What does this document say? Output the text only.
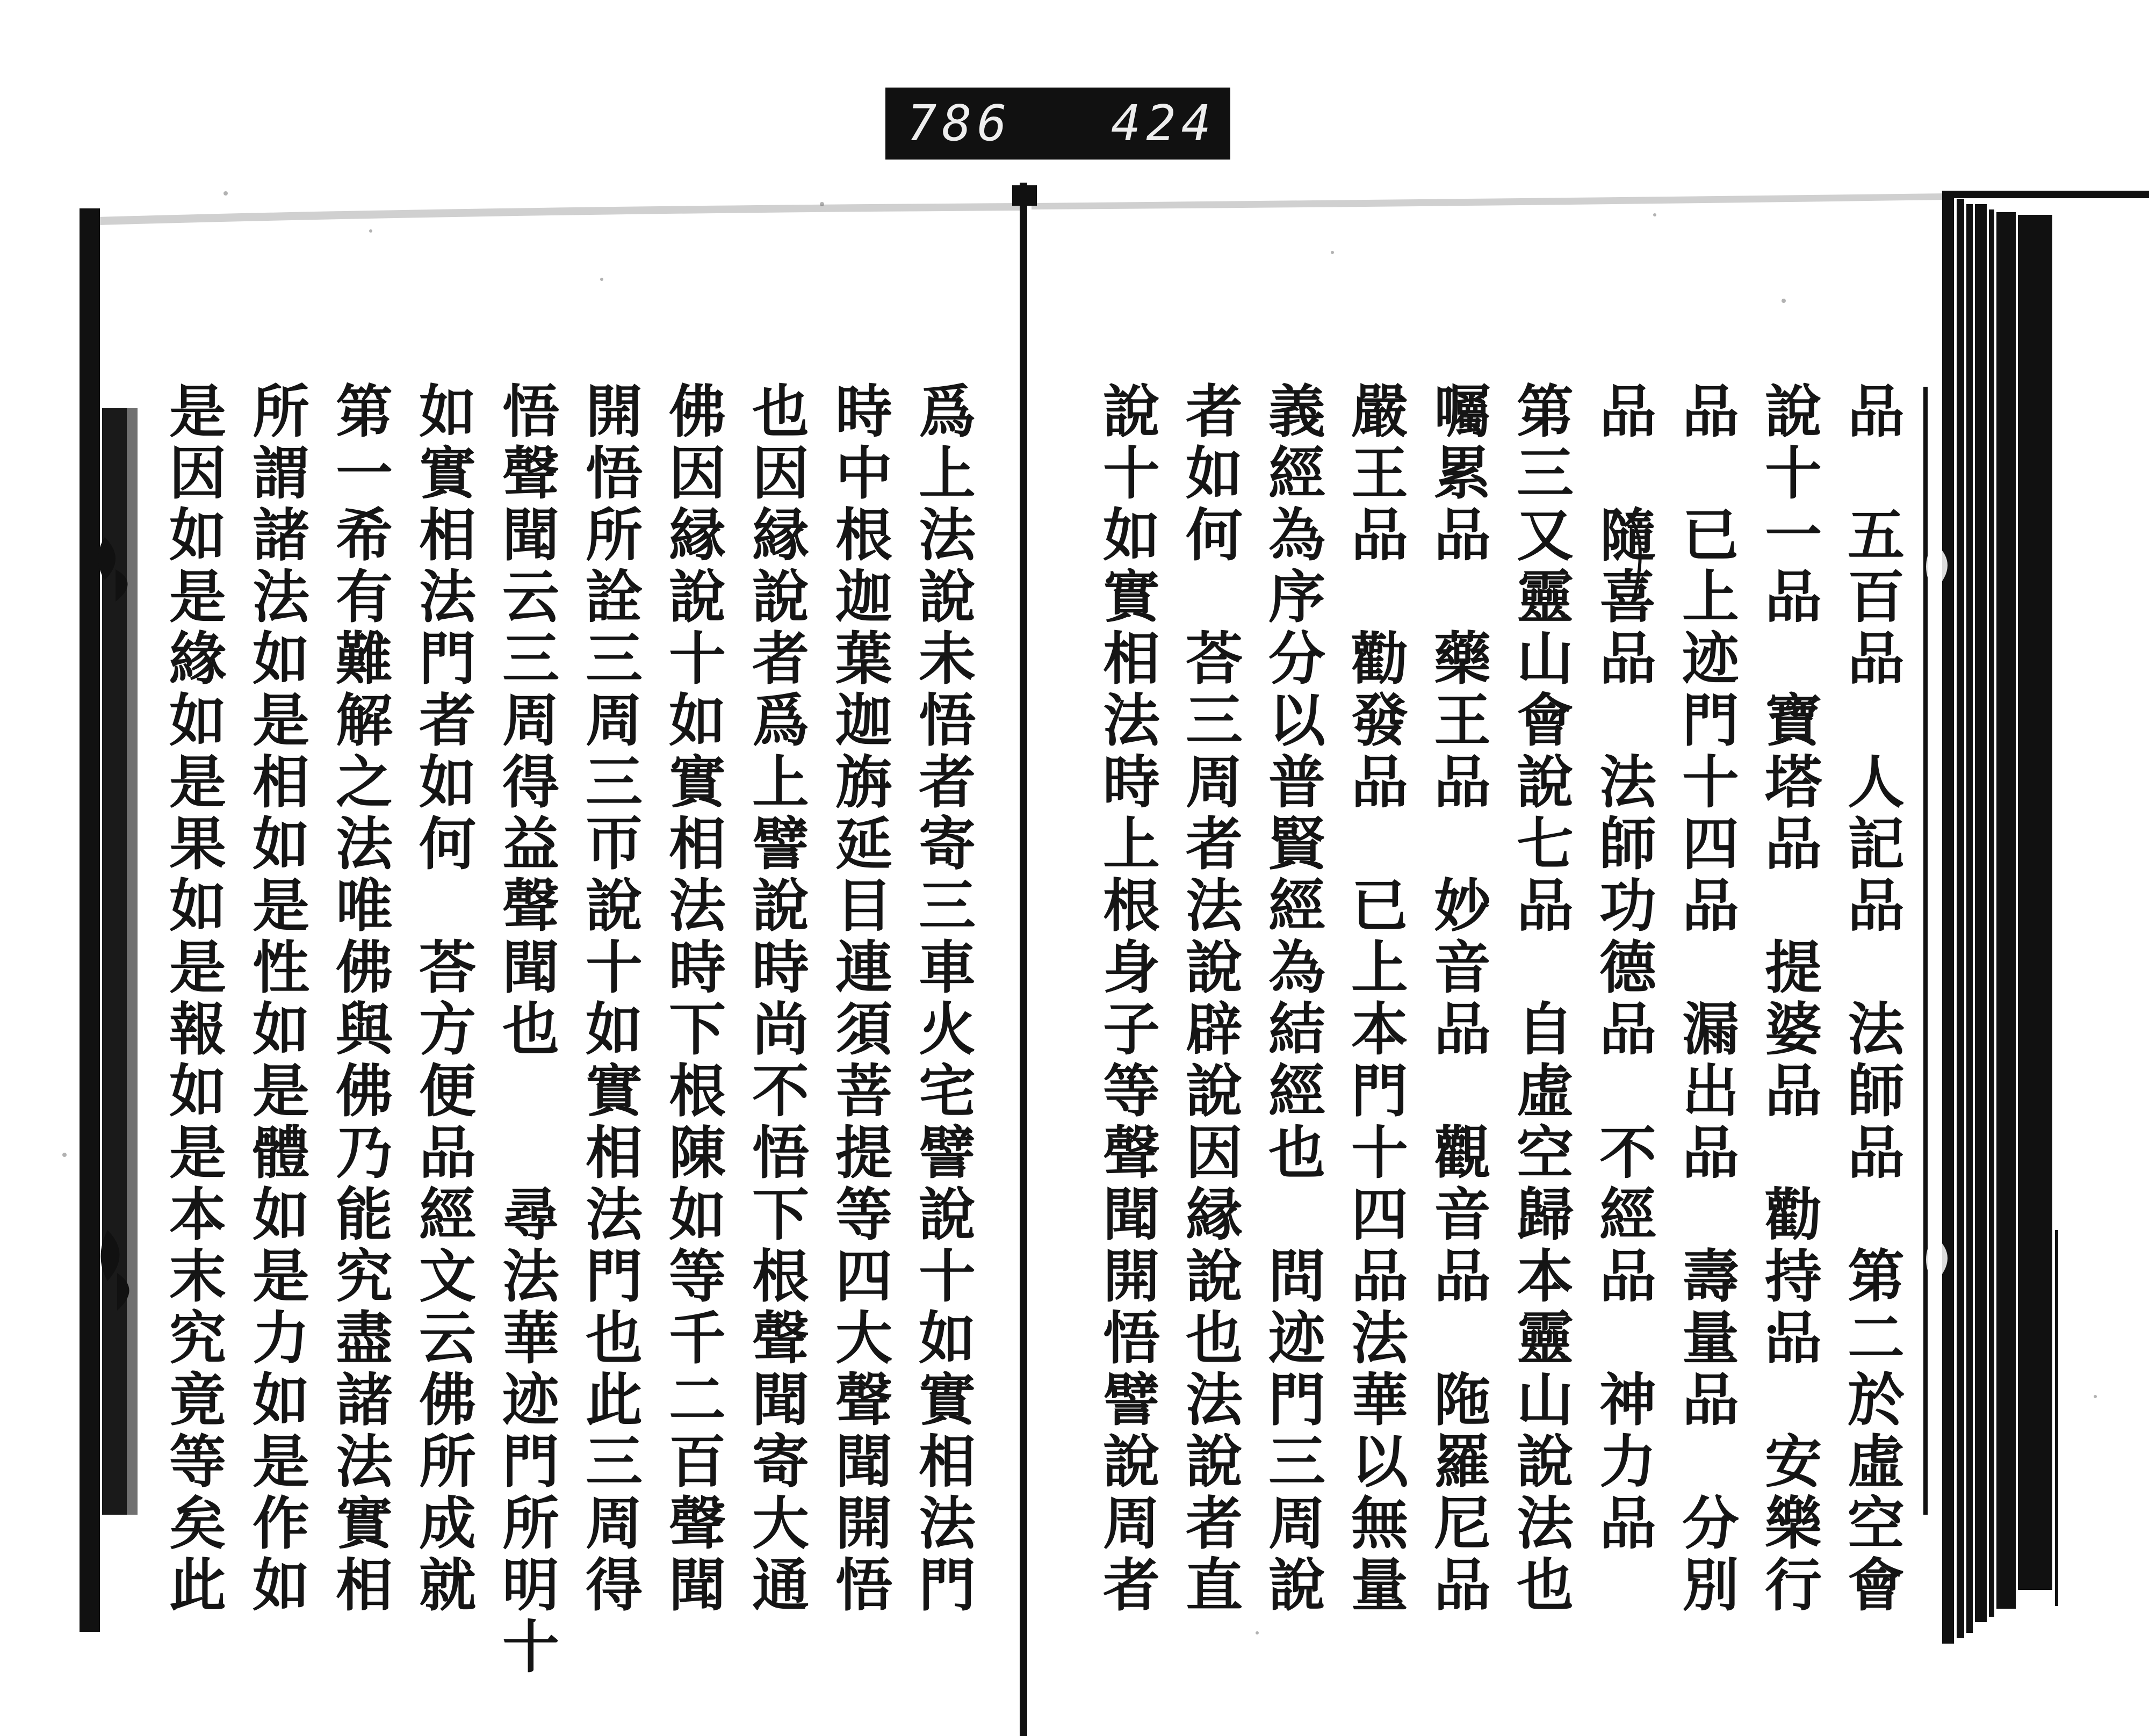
786

424

品　五百品　人記品　法師品　第二於虛空會

說十一品　寶塔品　提婆品　勸持品　安樂行

品　已上迹門十四品　漏出品　壽量品　分別

品　隨喜品　法師功德品　不經品　神力品

第三又靈山會說七品　自虛空歸本靈山說法也

囑累品　藥王品　妙音品　觀音品　陁羅尼品

嚴王品　勸發品　已上本門十四品法華以無量

義經為序分以普賢經為結經也　問迹門三周說

者如何　荅三周者法說辟說因縁說也法說者直

說十如實相法時上根身子等聲聞開悟譬說周者

爲上法說未悟者寄三車火宅譬說十如實相法門

時中根迦葉迦旃延目連須菩提等四大聲聞開悟

也因縁說者爲上譬說時尚不悟下根聲聞寄大通

佛因縁說十如實相法時下根陳如等千二百聲聞

開悟所詮三周三帀說十如實相法門也此三周得

悟聲聞云三周得益聲聞也　　尋法華迹門所明十

如實相法門者如何　荅方便品經文云佛所成就

第一希有難解之法唯佛與佛乃能究盡諸法實相

所謂諸法如是相如是性如是體如是力如是作如

是因如是緣如是果如是報如是本末究竟等矣此
